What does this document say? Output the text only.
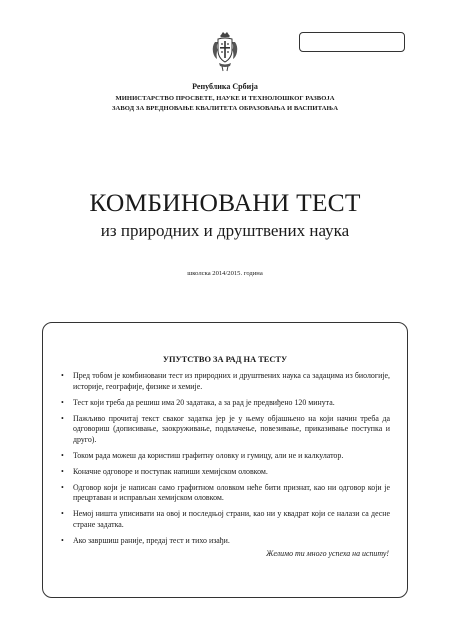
Република Србија
МИНИСТАРСТВО ПРОСВЕТЕ, НАУКЕ И ТЕХНОЛОШКОГ РАЗВОЈА
ЗАВОД ЗА ВРЕДНОВАЊЕ КВАЛИТЕТА ОБРАЗОВАЊА И ВАСПИТАЊА
КОМБИНОВАНИ ТЕСТ
из природних и друштвених наука
школска 2014/2015. година
УПУТСТВО ЗА РАД НА ТЕСТУ
• Пред тобом је комбиновани тест из природних и друштвених наука са задацима из биологије, историје, географије, физике и хемије.
• Тест који треба да решиш има 20 задатака, а за рад је предвиђено 120 минута.
• Пажљиво прочитај текст сваког задатка јер је у њему објашњено на који начин треба да одговориш (дописивање, заокруживање, подвлачење, повезивање, приказивање поступка и друго).
• Током рада можеш да користиш графитну оловку и гумицу, али не и калкулатор.
• Коначне одговоре и поступак напиши хемијском оловком.
• Одговор који је написан само графитном оловком неће бити признат, као ни одговор који је прецртаван и исправљан хемијском оловком.
• Немој ништа уписивати на овој и последњој страни, као ни у квадрат који се налази са десне стране задатка.
• Ако завршиш раније, предај тест и тихо изађи.
Желимо ти много успеха на испиту!
